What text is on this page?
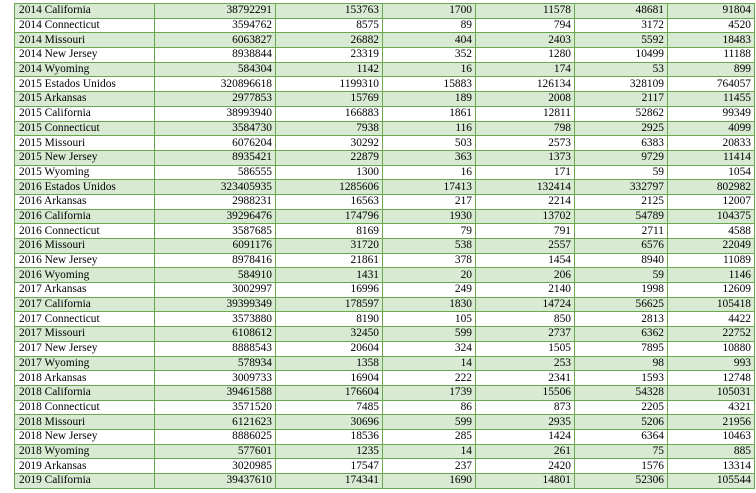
2014 California	38792291	153763	1700	11578	48681	91804
2014 Connecticut	3594762	8575	89	794	3172	4520
2014 Missouri	6063827	26882	404	2403	5592	18483
2014 New Jersey	8938844	23319	352	1280	10499	11188
2014 Wyoming	584304	1142	16	174	53	899
2015 Estados Unidos	320896618	1199310	15883	126134	328109	764057
2015 Arkansas	2977853	15769	189	2008	2117	11455
2015 California	38993940	166883	1861	12811	52862	99349
2015 Connecticut	3584730	7938	116	798	2925	4099
2015 Missouri	6076204	30292	503	2573	6383	20833
2015 New Jersey	8935421	22879	363	1373	9729	11414
2015 Wyoming	586555	1300	16	171	59	1054
2016 Estados Unidos	323405935	1285606	17413	132414	332797	802982
2016 Arkansas	2988231	16563	217	2214	2125	12007
2016 California	39296476	174796	1930	13702	54789	104375
2016 Connecticut	3587685	8169	79	791	2711	4588
2016 Missouri	6091176	31720	538	2557	6576	22049
2016 New Jersey	8978416	21861	378	1454	8940	11089
2016 Wyoming	584910	1431	20	206	59	1146
2017 Arkansas	3002997	16996	249	2140	1998	12609
2017 California	39399349	178597	1830	14724	56625	105418
2017 Connecticut	3573880	8190	105	850	2813	4422
2017 Missouri	6108612	32450	599	2737	6362	22752
2017 New Jersey	8888543	20604	324	1505	7895	10880
2017 Wyoming	578934	1358	14	253	98	993
2018 Arkansas	3009733	16904	222	2341	1593	12748
2018 California	39461588	176604	1739	15506	54328	105031
2018 Connecticut	3571520	7485	86	873	2205	4321
2018 Missouri	6121623	30696	599	2935	5206	21956
2018 New Jersey	8886025	18536	285	1424	6364	10463
2018 Wyoming	577601	1235	14	261	75	885
2019 Arkansas	3020985	17547	237	2420	1576	13314
2019 California	39437610	174341	1690	14801	52306	105544
